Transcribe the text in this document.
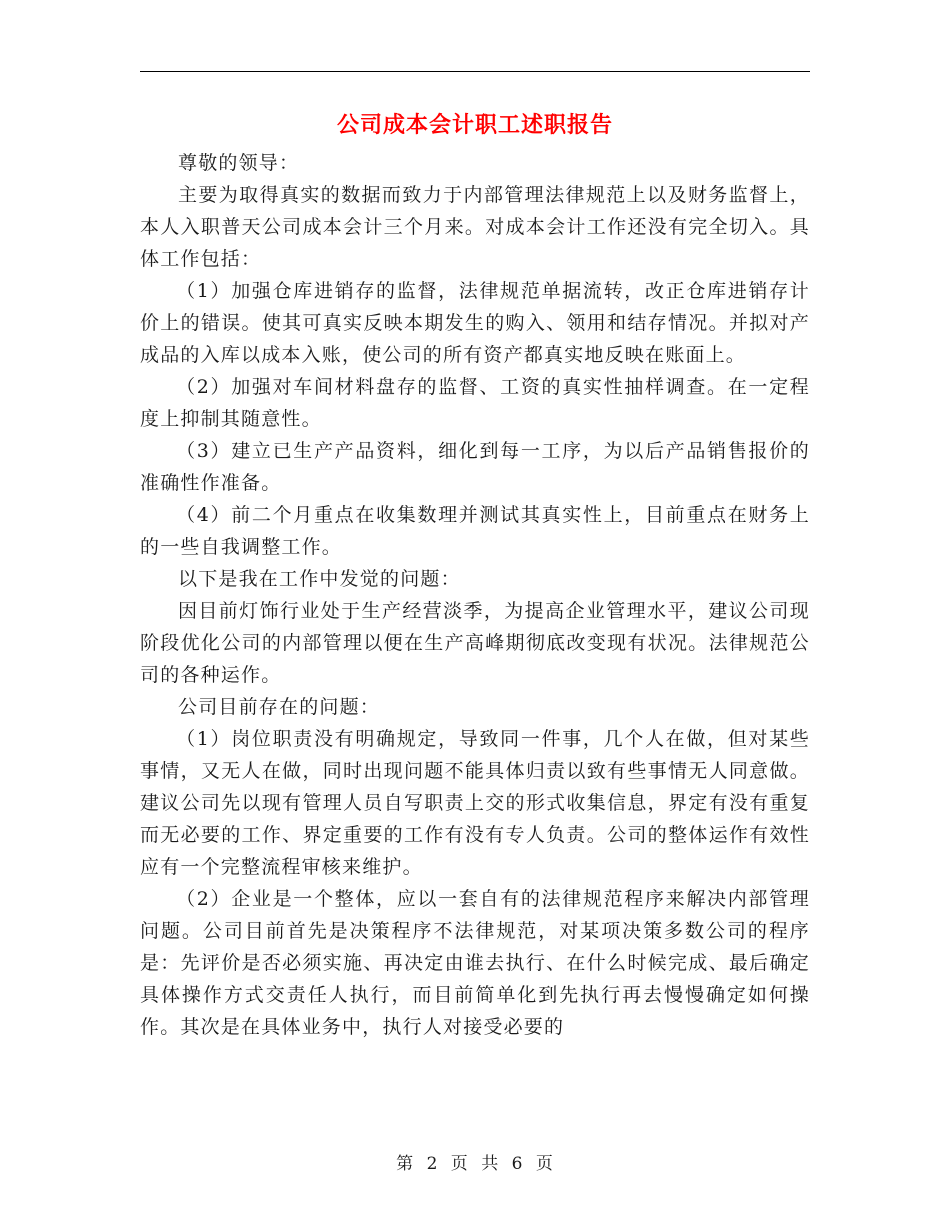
公司成本会计职工述职报告

尊敬的领导：

主要为取得真实的数据而致力于内部管理法律规范上以及财务监督上，本人入职普天公司成本会计三个月来。对成本会计工作还没有完全切入。具体工作包括：

（1）加强仓库进销存的监督，法律规范单据流转，改正仓库进销存计价上的错误。使其可真实反映本期发生的购入、领用和结存情况。并拟对产成品的入库以成本入账，使公司的所有资产都真实地反映在账面上。

（2）加强对车间材料盘存的监督、工资的真实性抽样调查。在一定程度上抑制其随意性。

（3）建立已生产产品资料，细化到每一工序，为以后产品销售报价的准确性作准备。

（4）前二个月重点在收集数理并测试其真实性上，目前重点在财务上的一些自我调整工作。

以下是我在工作中发觉的问题：

因目前灯饰行业处于生产经营淡季，为提高企业管理水平，建议公司现阶段优化公司的内部管理以便在生产高峰期彻底改变现有状况。法律规范公司的各种运作。

公司目前存在的问题：

（1）岗位职责没有明确规定，导致同一件事，几个人在做，但对某些事情，又无人在做，同时出现问题不能具体归责以致有些事情无人同意做。建议公司先以现有管理人员自写职责上交的形式收集信息，界定有没有重复而无必要的工作、界定重要的工作有没有专人负责。公司的整体运作有效性应有一个完整流程审核来维护。

（2）企业是一个整体，应以一套自有的法律规范程序来解决内部管理问题。公司目前首先是决策程序不法律规范，对某项决策多数公司的程序是：先评价是否必须实施、再决定由谁去执行、在什么时候完成、最后确定具体操作方式交责任人执行，而目前简单化到先执行再去慢慢确定如何操作。其次是在具体业务中，执行人对接受必要的

第 2 页 共 6 页
